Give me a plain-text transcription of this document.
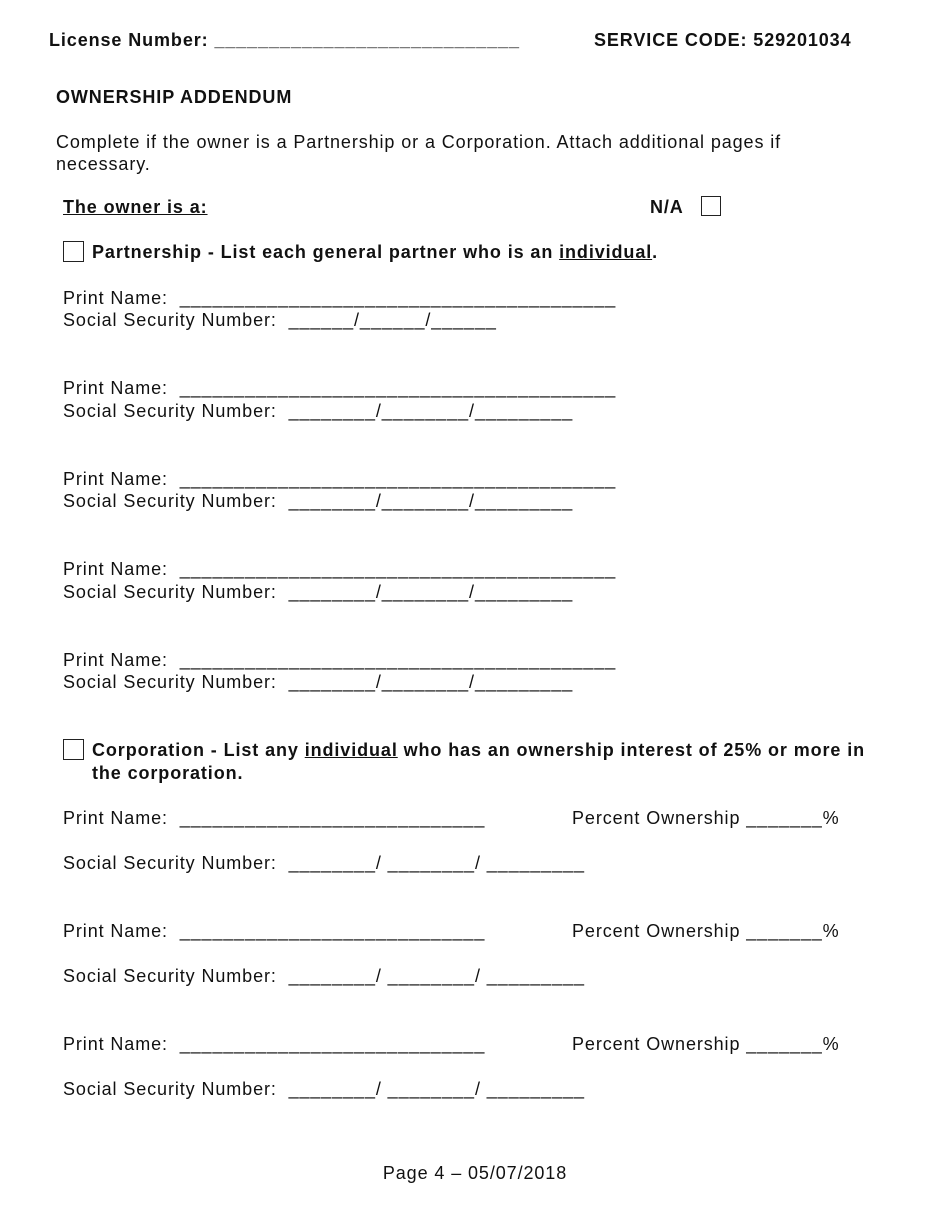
License Number: ____________________________	SERVICE CODE: 529201034
OWNERSHIP ADDENDUM
Complete if the owner is a Partnership or a Corporation. Attach additional pages if necessary.
The owner is a:	N/A
Partnership - List each general partner who is an individual.
Print Name:  ________________________________________
Social Security Number:  ______/______/______
Print Name:  ________________________________________
Social Security Number:  ________/________/_________
Print Name:  ________________________________________
Social Security Number:  ________/________/_________
Print Name:  ________________________________________
Social Security Number:  ________/________/_________
Print Name:  ________________________________________
Social Security Number:  ________/________/_________
Corporation - List any individual who has an ownership interest of 25% or more in the corporation.
Print Name:  ____________________________	Percent Ownership _______%
Social Security Number:  ________/ ________/ _________
Print Name:  ____________________________	Percent Ownership _______%
Social Security Number:  ________/ ________/ _________
Print Name:  ____________________________	Percent Ownership _______%
Social Security Number:  ________/ ________/ _________
Page 4 – 05/07/2018
